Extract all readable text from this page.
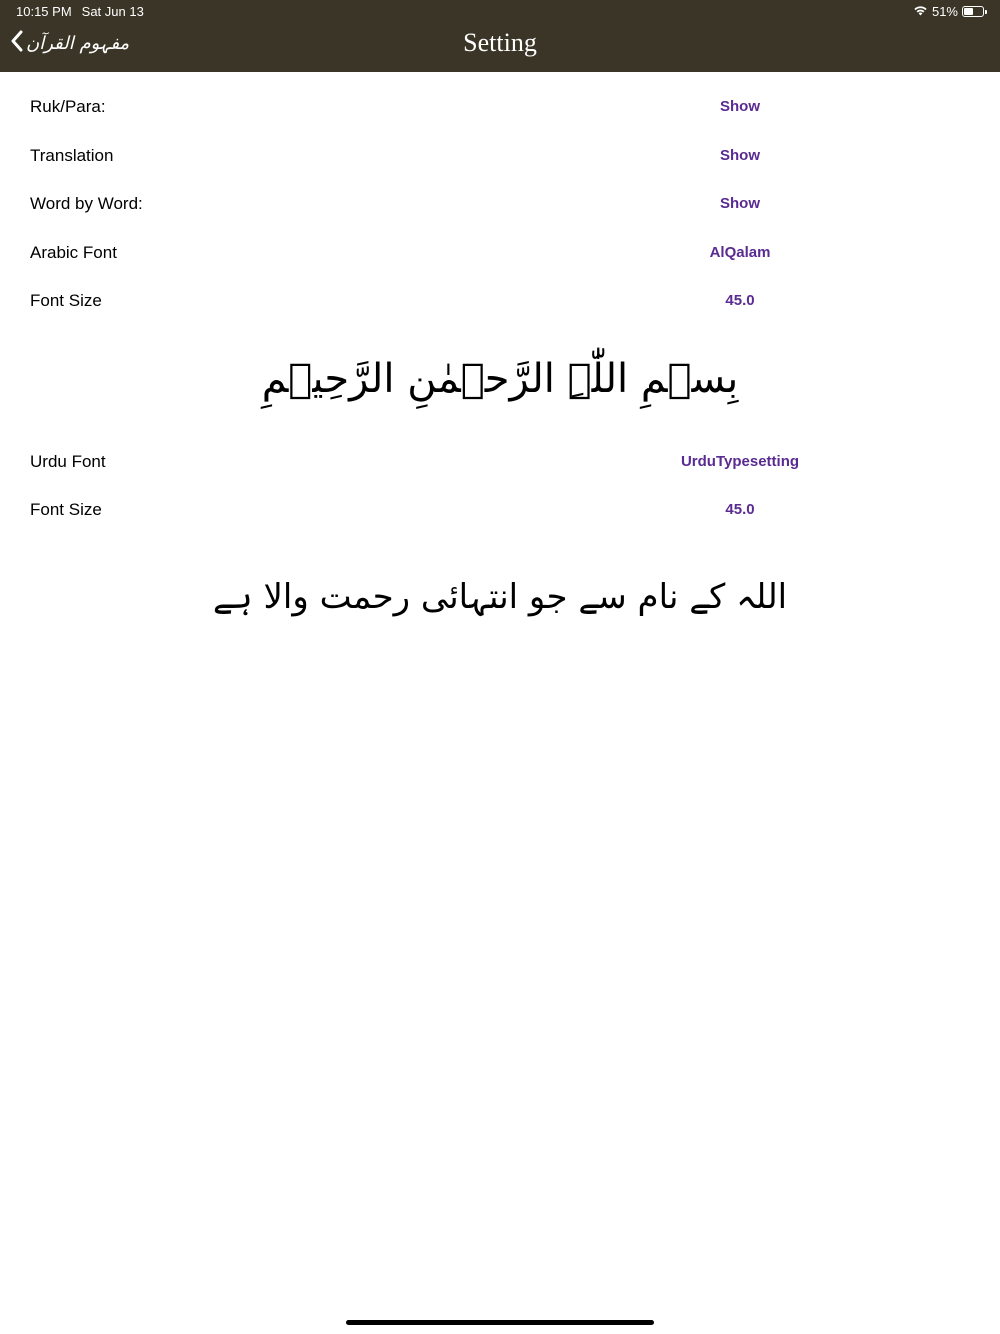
10:15 PM Sat Jun 13	51%
مفہوم القرآن	Setting
Ruk/Para:	Show
Translation	Show
Word by Word:	Show
Arabic Font	AlQalam
Font Size	45.0
بِسۡمِ اللّٰہِ الرَّحۡمٰنِ الرَّحِیۡمِ
Urdu Font	UrduTypesetting
Font Size	45.0
اللہ کے نام سے جو انتہائی رحمت والا ہے
